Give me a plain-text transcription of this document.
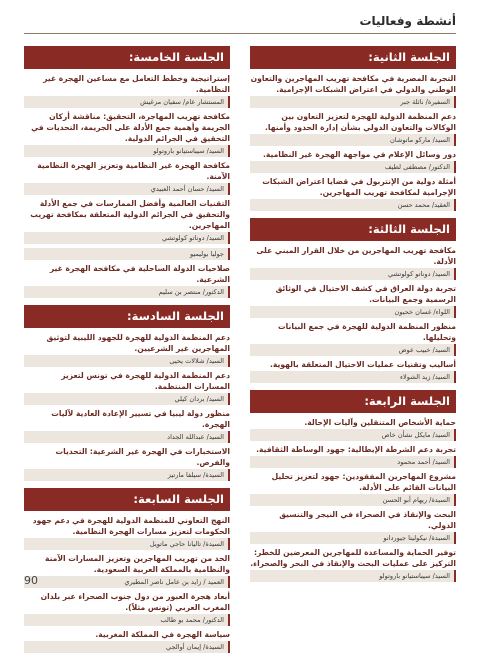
أنشطة وفعاليات
الجلسة الثانية:
التجربة المصرية في مكافحة تهريب المهاجرين والتعاون الوطني والدولي في اعتراض الشبكات الإجرامية.
السفيرة/ نائلة جبر
دعم المنظمة الدولية للهجرة لتعزيز التعاون بين الوكالات والتعاون الدولي بشأن إدارة الحدود وأمنها.
السيد/ ماركو ماتوشان
دور وسائل الإعلام في مواجهة الهجرة غير النظامية.
الدكتور/ مصطفى لطيف
أمثلة دولية من الإنتربول في قضايا اعتراض الشبكات الإجرامية لمكافحة تهريب المهاجرين.
العقيد/ محمد حسن
الجلسة الثالثة:
مكافحة تهريب المهاجرين من خلال القرار المبني على الأدلة.
السيد/ دوناتو كولوتشي
تجربة دولة العراق في كشف الاحتيال في الوثائق الرسمية وجمع البيانات.
اللواء/ غسان خحيون
منظور المنظمة الدولية للهجرة في جمع البيانات وتحليلها.
السيد/ خبيب عوض
أساليب وتقنيات عمليات الاحتيال المتعلقة بالهوية.
السيد/ زيد الشولاء
الجلسة الرابعة:
حماية الأشخاص المتنقلين وآليات الإحالة.
السيد/ مايكل نشأن خاص
تجربة دعم الشرطة الإيطالية: جهود الوساطة الثقافية.
السيد/ أحمد محمود
مشروع المهاجرين المفقودين: جهود لتعزيز تحليل البيانات القائم على الأدلة.
السيدة/ ريهام أبو الحسن
البحث والإنقاذ في الصحراء في النيجر والتنسيق الدولي.
السيدة/ نيكوليتا جيوردانو
توفير الحماية والمساعدة للمهاجرين المعرضين للخطر: التركيز على عمليات البحث والإنقاذ في البحر والصحراء.
السيد/ سيباستيانو باروتولو
الجلسة الخامسة:
إستراتيجية وخطط التعامل مع مساعين الهجرة غير النظامية.
المستشار عام/ سفيان مزغيش
مكافحة تهريب المهاجرة، التحقيق: مناقشة أركان الجريمة وأهمية جمع الأدلة على الجريمة، التحديات في التحقيق في الجرائم الدولية.
السيد/ سيباستيانو باروتولو
مكافحة الهجرة غير النظامية وتعزيز الهجرة النظامية الآمنة.
السيد/ حسان أحمد العبيدي
التقنيات العالمية وأفضل الممارسات في جمع الأدلة والتحقيق في الجرائم الدولية المتعلقة بمكافحة تهريب المهاجرين.
السيد/ دوناتو كولوتشي
جوليا بوليميو
صلاحيات الدولة الساحلية في مكافحة الهجرة غير الشرعية.
الدكتور/ منتصر بن سليم
الجلسة السادسة:
دعم المنظمة الدولية للهجرة للجهود الليبية لتوثيق المهاجرين غير الشرعيين.
السيد/ شلالات يحيى
دعم المنظمة الدولية للهجرة في تونس لتعزيز المسارات المنتظمة.
السيد/ بردان كيلي
منظور دولة ليبيا في تسيير الإعادة العادية لآليات الهجرة.
السيد/ عبدالله الجداد
الاستخبارات في الهجرة غير الشرعية: التحديات والفرص.
السيدة/ سيلفا مارتيز
الجلسة السابعة:
النهج التعاوني للمنظمة الدولية للهجرة في دعم جهود الحكومات لتعزيز مسارات الهجرة النظامية.
السيدة/ تاليانا حاجي ماتويل
الحد من تهريب المهاجرين وتعزيز المسارات الآمنة والنظامية بالمملكة العربية السعودية.
العميد / زايد بن عامل ناصر المطيري
أبعاد هجرة العبور من دول جنوب الصحراء عبر بلدان المغرب العربي (تونس مثلاً).
الدكتور/ محمد بو طالب
سياسة الهجرة في المملكة المغربية.
السيدة/ إيمان أوالجي
90
